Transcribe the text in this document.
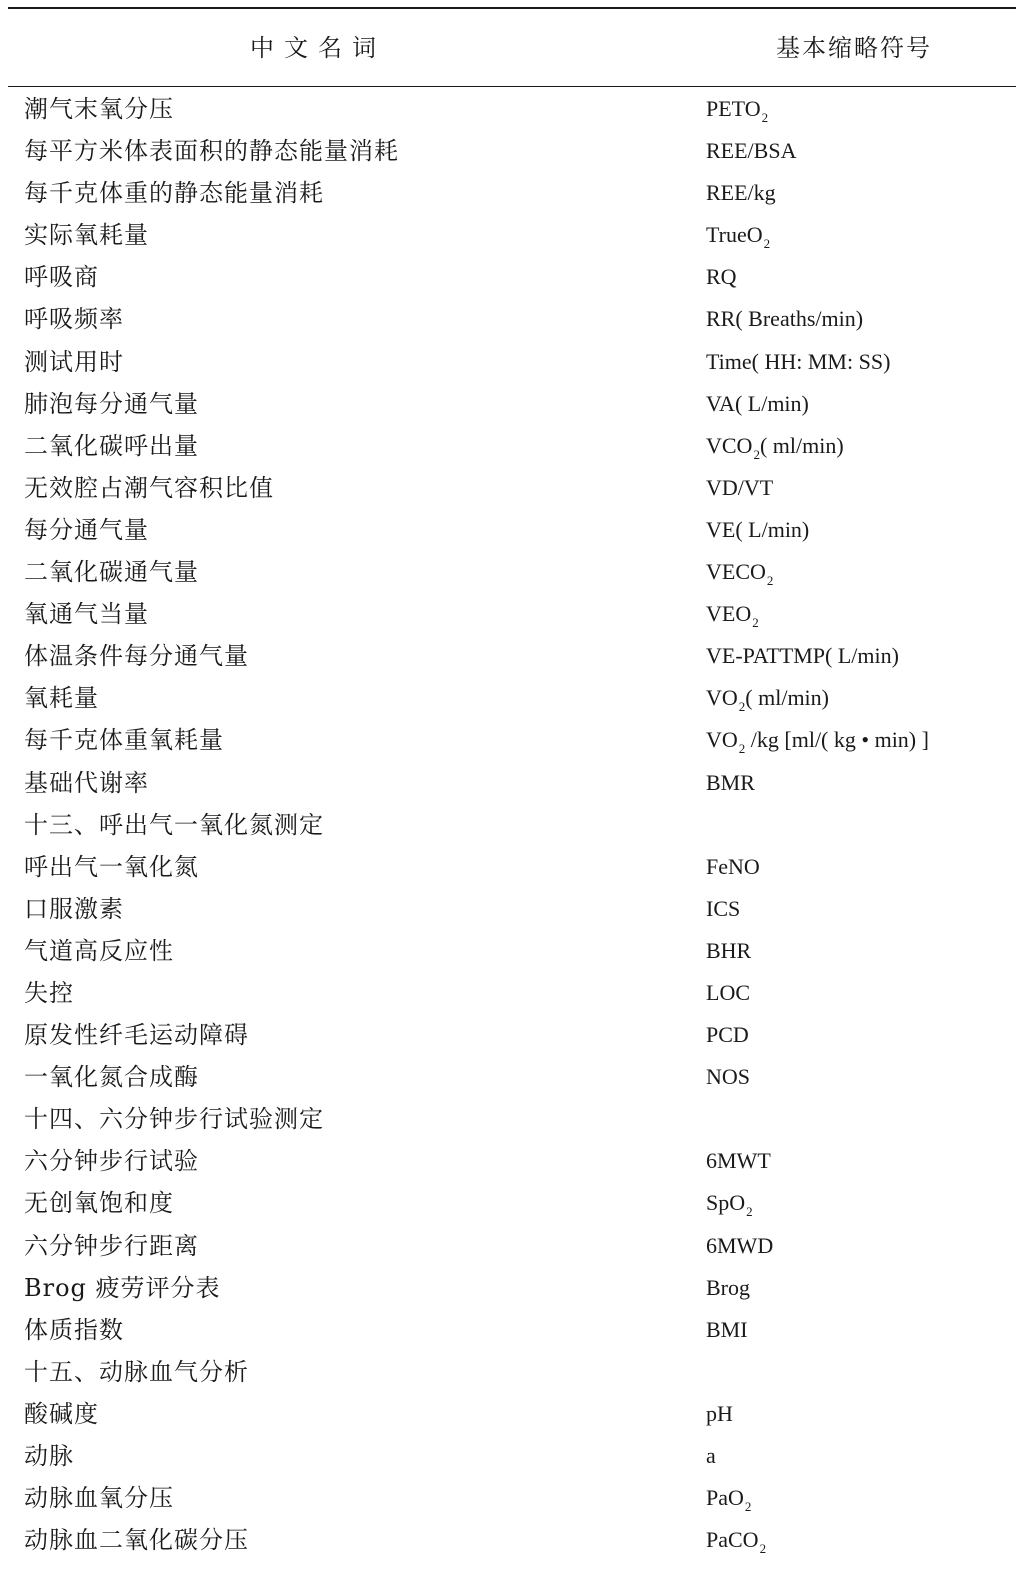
中文名词	基本缩略符号
潮气末氧分压	$PETO_2$
每平方米体表面积的静态能量消耗	REE/BSA
每千克体重的静态能量消耗	REE/kg
实际氧耗量	TrueO$_2$
呼吸商	RQ
呼吸频率	RR( Breaths/min)
测试用时	Time( HH: MM: SS)
肺泡每分通气量	VA( L/min)
二氧化碳呼出量	$VCO_2$( ml/min)
无效腔占潮气容积比值	VD/VT
每分通气量	VE( L/min)
二氧化碳通气量	$VECO_2$
氧通气当量	$VEO_2$
体温条件每分通气量	VE-PATTMP( L/min)
氧耗量	$VO_2$( ml/min)
每千克体重氧耗量	$VO_2$ /kg [ml/( kg • min) ]
基础代谢率	BMR
十三、呼出气一氧化氮测定
呼出气一氧化氮	FeNO
口服激素	ICS
气道高反应性	BHR
失控	LOC
原发性纤毛运动障碍	PCD
一氧化氮合成酶	NOS
十四、六分钟步行试验测定
六分钟步行试验	6MWT
无创氧饱和度	SpO$_2$
六分钟步行距离	6MWD
Brog 疲劳评分表	Brog
体质指数	BMI
十五、动脉血气分析
酸碱度	pH
动脉	a
动脉血氧分压	PaO$_2$
动脉血二氧化碳分压	PaCO$_2$
